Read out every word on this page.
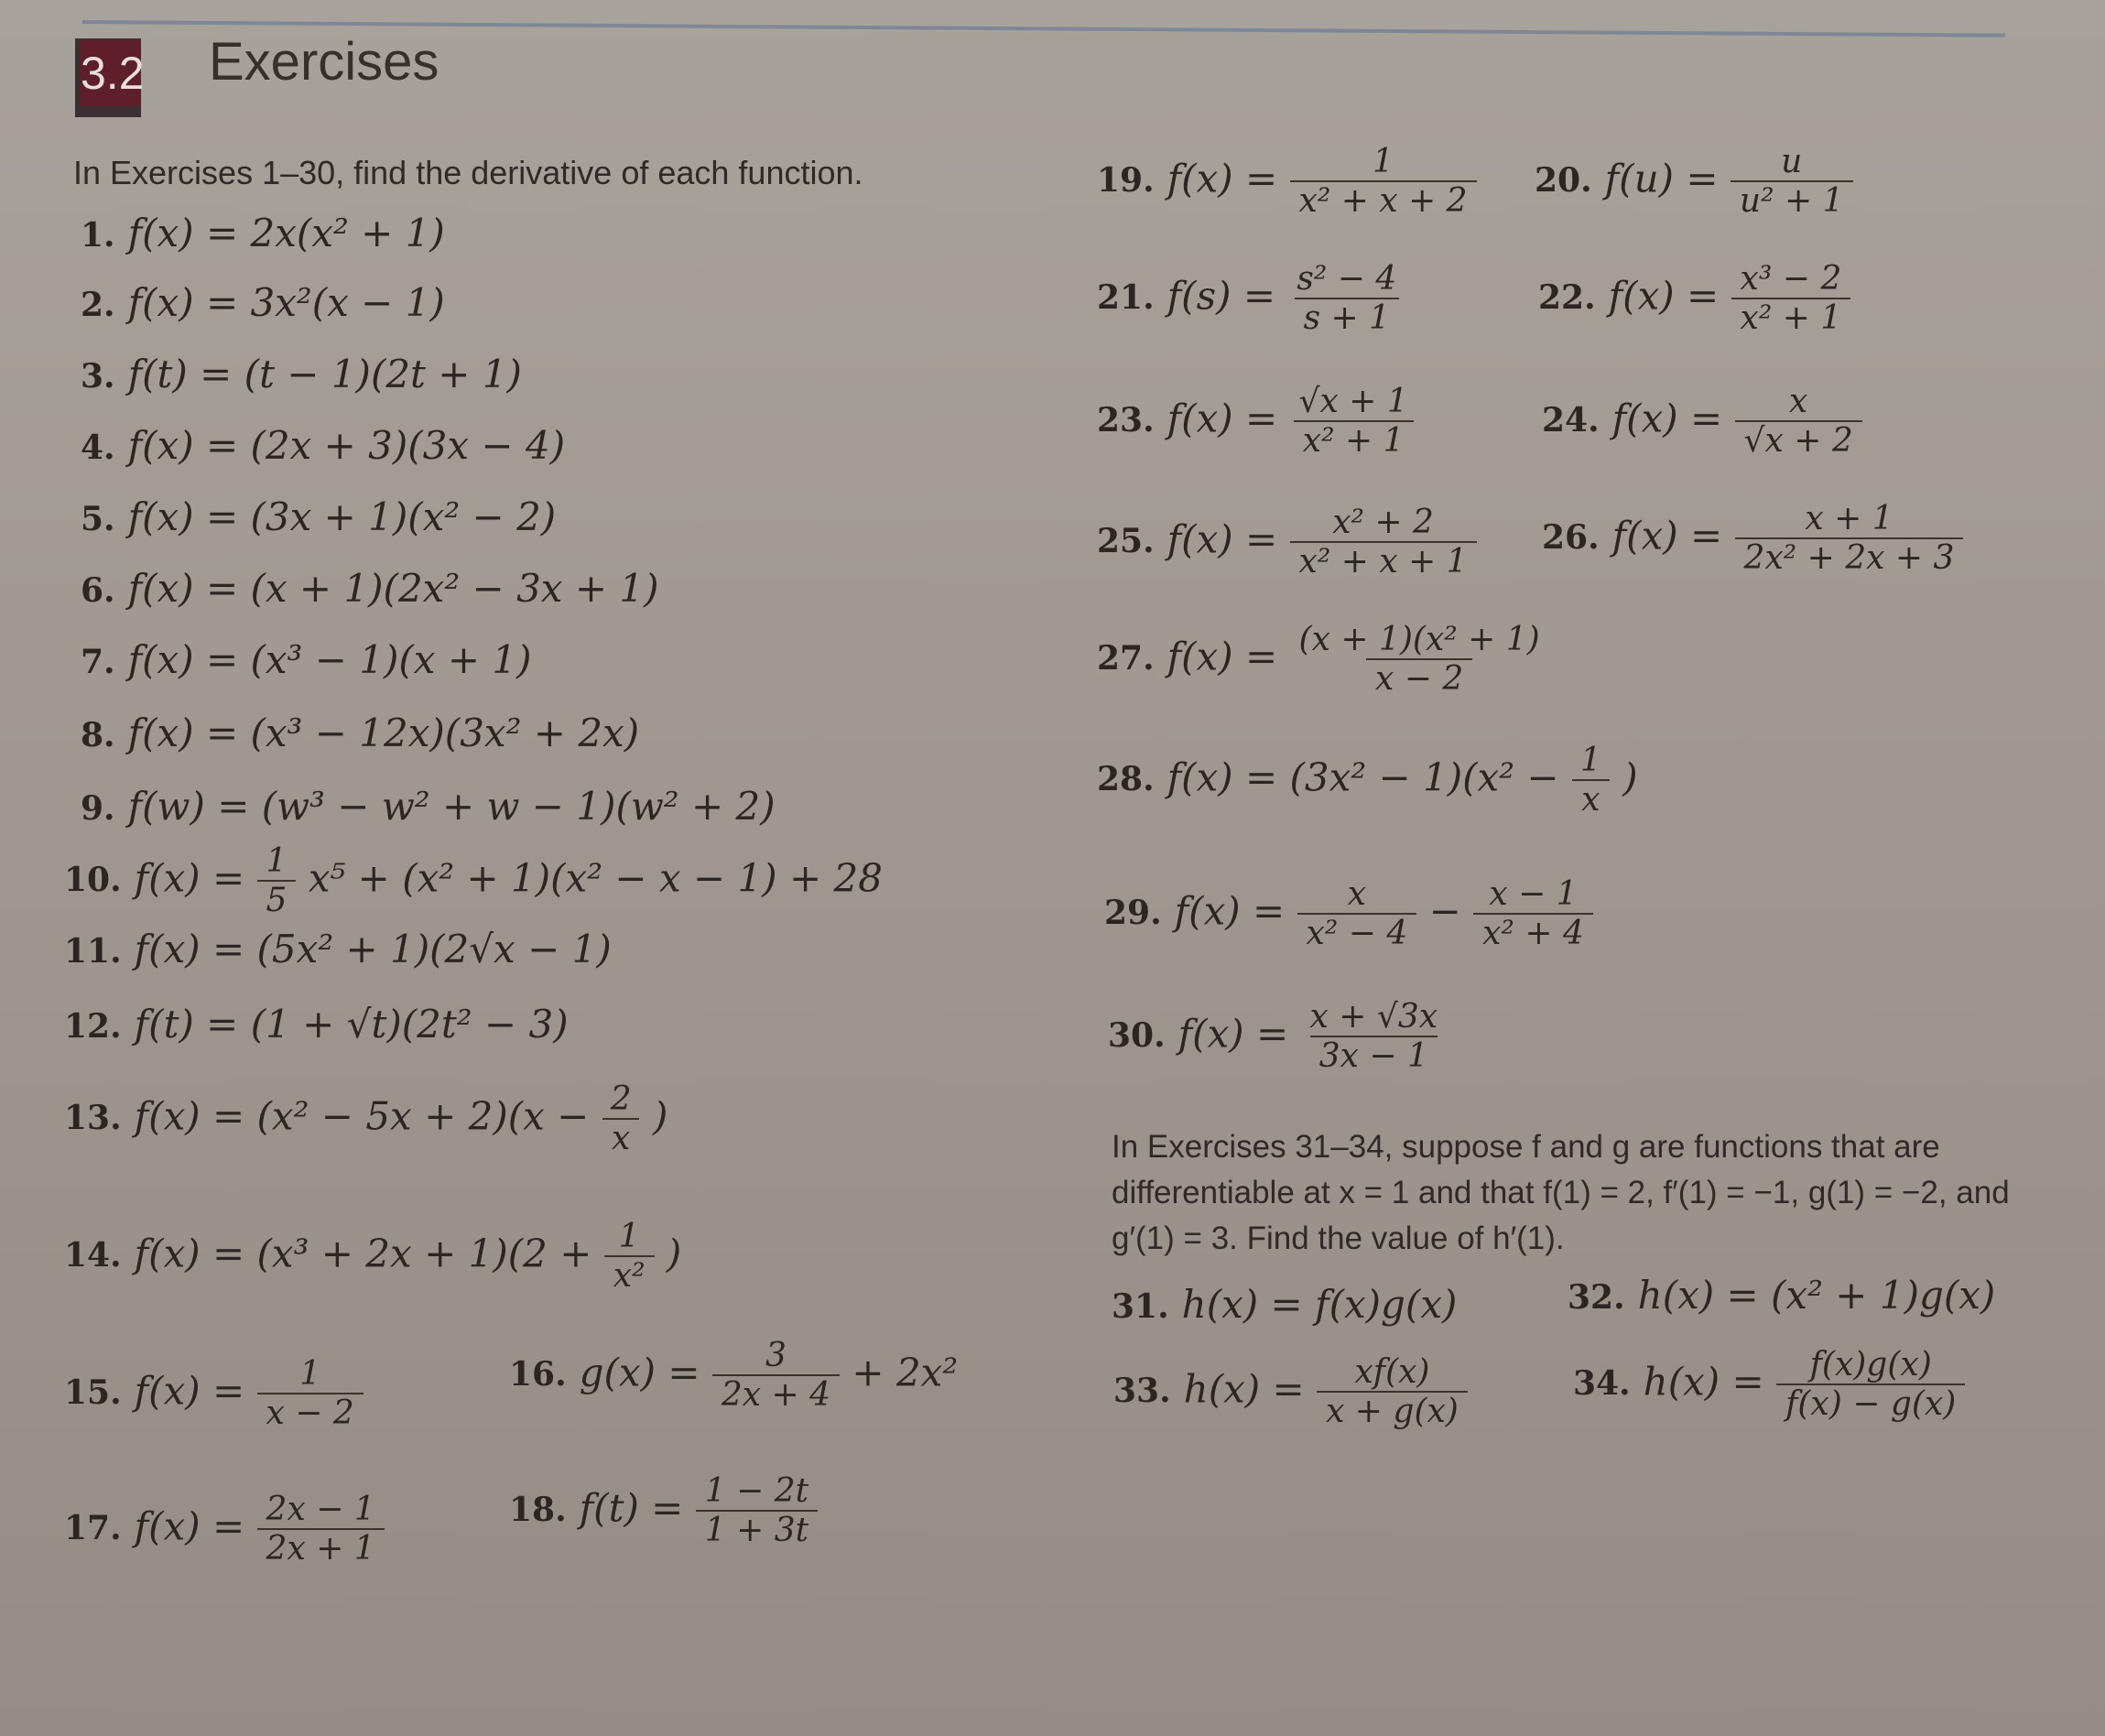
3.2 Exercises
In Exercises 1–30, find the derivative of each function.
1. f(x) = 2x(x² + 1)
2. f(x) = 3x²(x − 1)
3. f(t) = (t − 1)(2t + 1)
4. f(x) = (2x + 3)(3x − 4)
5. f(x) = (3x + 1)(x² − 2)
6. f(x) = (x + 1)(2x² − 3x + 1)
7. f(x) = (x³ − 1)(x + 1)
8. f(x) = (x³ − 12x)(3x² + 2x)
9. f(w) = (w³ − w² + w − 1)(w² + 2)
10. $f(x) = \frac{1}{5} x^5 + (x^2 + 1)(x^2 - x - 1) + 28$
11. f(x) = (5x² + 1)(2√x − 1)
12. f(t) = (1 + √t)(2t² − 3)
13. $f(x) = (x^2 - 5x + 2)(x - \frac{2}{x}$ )
14. $f(x) = (x^3 + 2x + 1)(2 + \frac{1}{\text{x²}}$ )
15. $f(x) = \frac{1}{x - 2}$	16. $g(x) = \frac{3}{2x + 4} + 2x^2$
17. $f(x) = \frac{2x - 1}{2x + 1}$	18. $f(t) = \frac{1 - 2t}{1 + 3t}$
19. $f(x) = \frac{1}{\text{x² + x + 2}} 20$. $f(u) = \frac{u}{\text{u² + 1}}$
21. $f(s) = \frac{\text{s² − 4}}{s + 1}$	22. $f(x) = \frac{\text{x³ − 2}}{\text{x² + 1}}$
23. $f(x) = \frac{√x + 1}{\text{x² + 1}}$	24. $f(x) = \frac{x}{√x + 2}$
25. $f(x) = \frac{\text{x² + 2}}{\text{x² + x + 1}} 26$. $f(x) = \frac{x + 1}{\text{2x² + 2x + 3}}$
27. $f(x) = \frac{\text{(x + 1)(x² + 1)}}{x - 2}$
28. $f(x) = (3x^2 - 1)(x^2 - \frac{1}{x}$ )
29. $f(x) = \frac{x}{\text{x² − 4}} - \frac{x - 1}{\text{x² + 4}}$
30. $f(x) = \frac{x + √3x}{3x - 1}$
In Exercises 31–34, suppose f and g are functions that are differentiable at x = 1 and that f(1) = 2, f′(1) = −1, g(1) = −2, and g′(1) = 3. Find the value of h′(1).
31. h(x) = f(x)g(x)	32. h(x) = (x² + 1)g(x)
33. $h(x) = \frac{xf(x)}{x + g(x)}$	34. $h(x) = \frac{f(x)g(x)}{f(x) - g(x)}$
